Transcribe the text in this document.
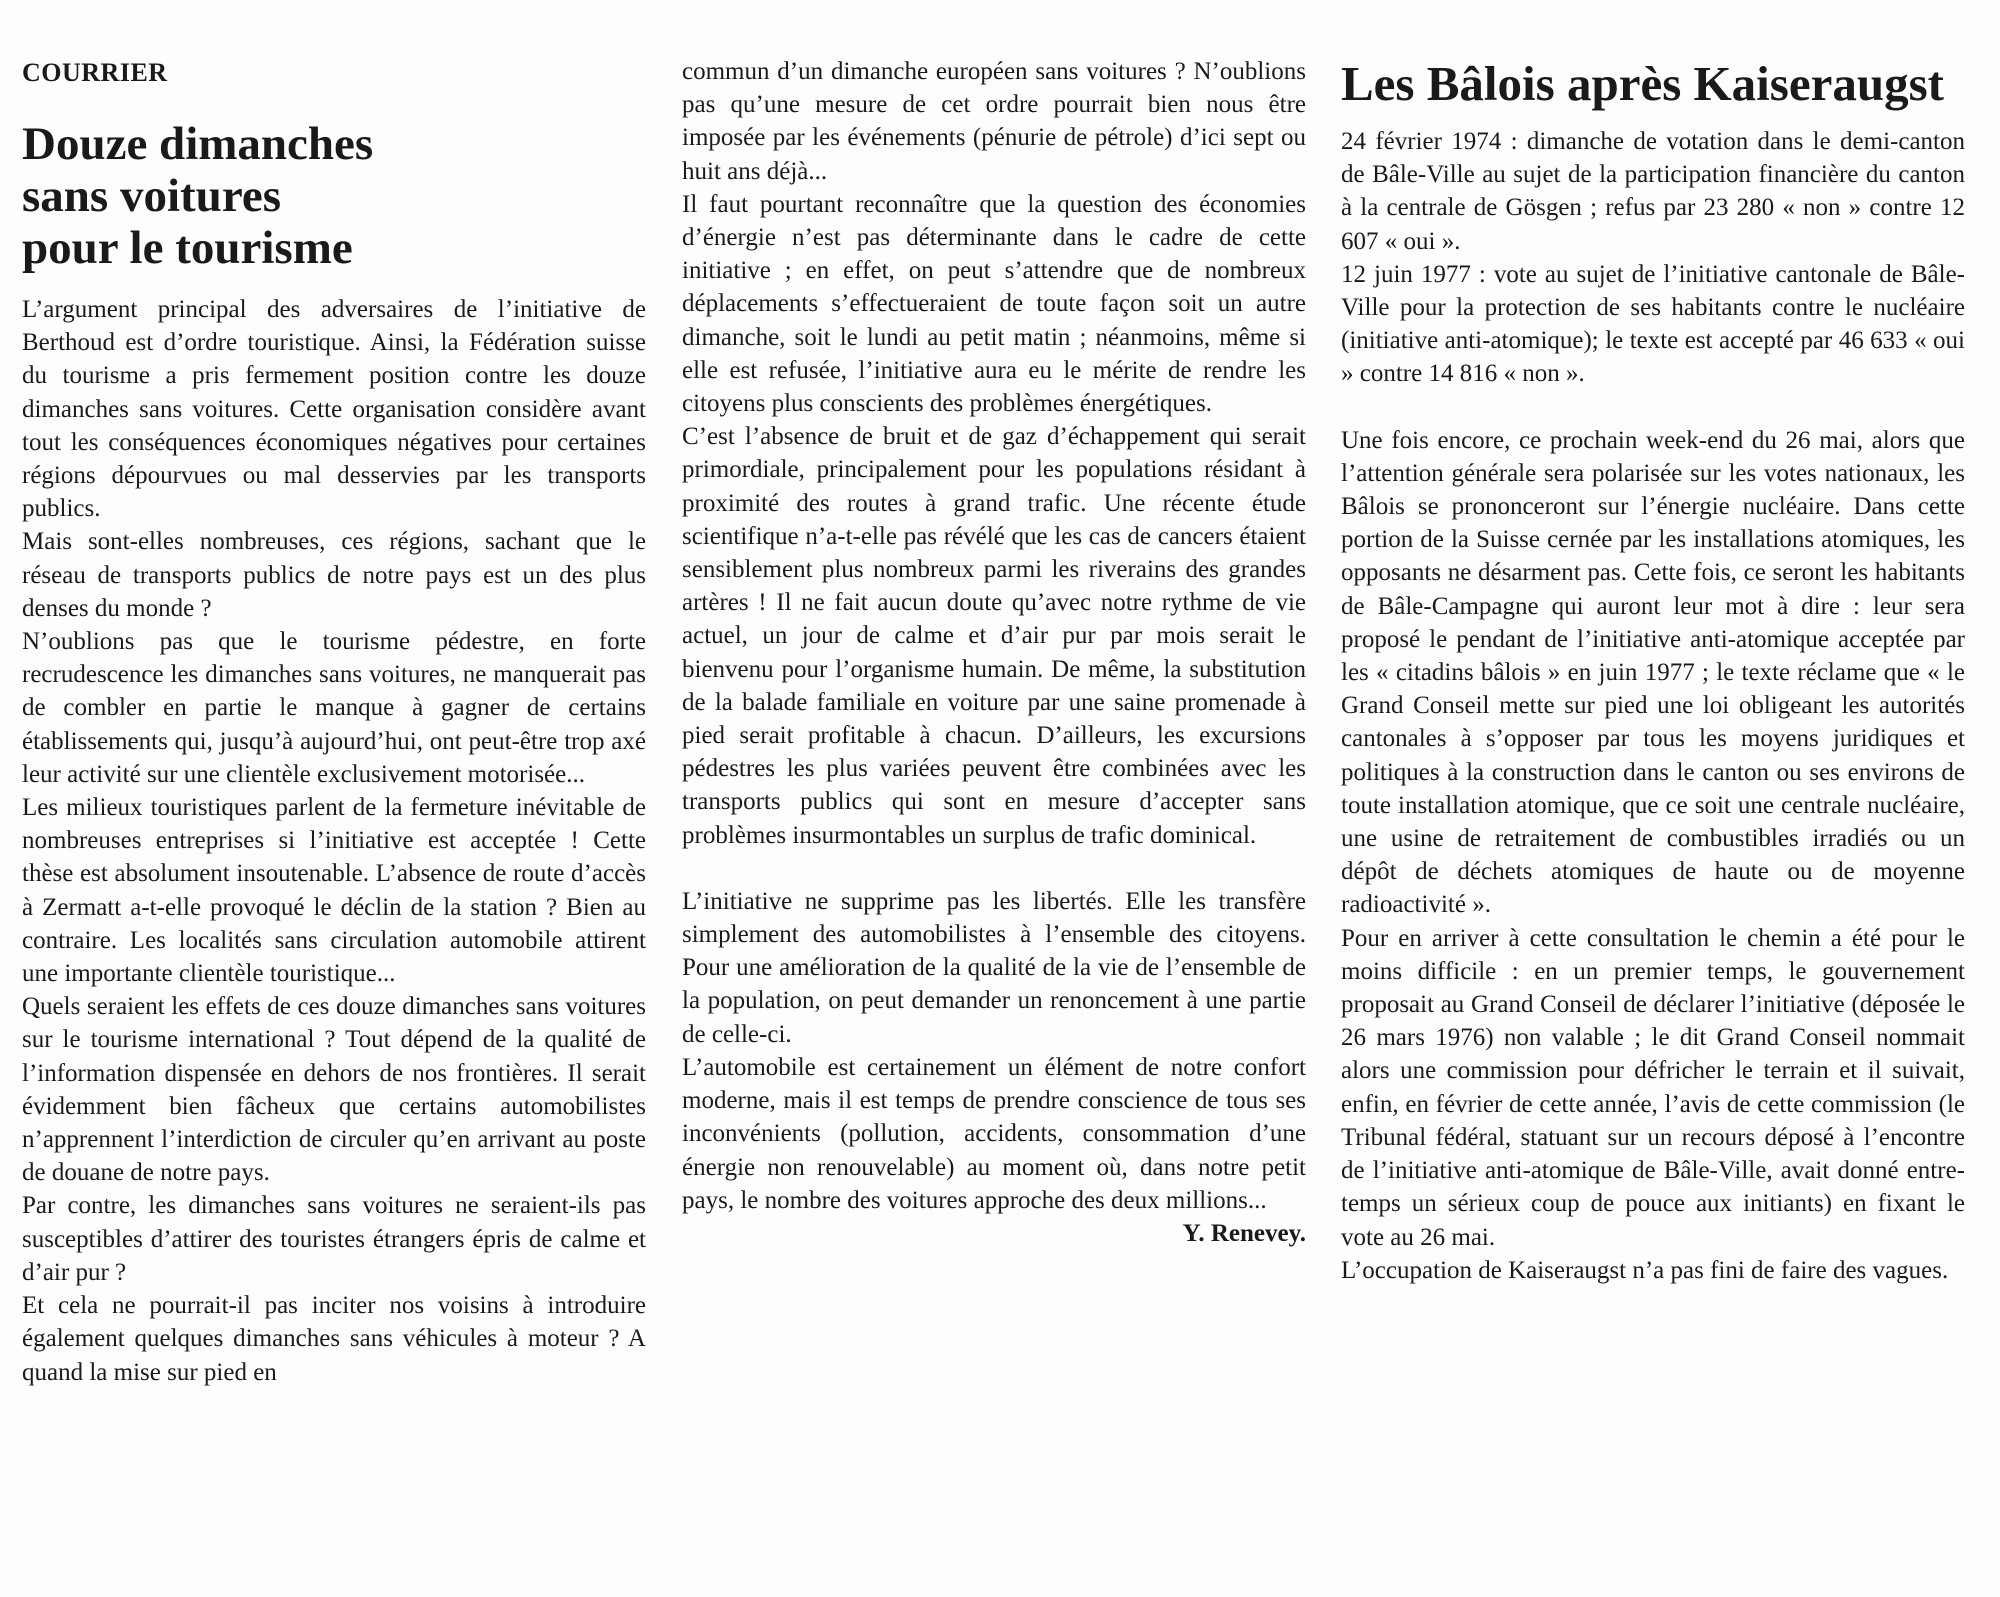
COURRIER
Douze dimanches
sans voitures
pour le tourisme

L’argument principal des adversaires de l’initiative de Berthoud est d’ordre touristique. Ainsi, la Fédération suisse du tourisme a pris fermement position contre les douze dimanches sans voitures. Cette organisation considère avant tout les conséquences économiques négatives pour certaines régions dépourvues ou mal desservies par les transports publics.

Mais sont-elles nombreuses, ces régions, sachant que le réseau de transports publics de notre pays est un des plus denses du monde ?

N’oublions pas que le tourisme pédestre, en forte recrudescence les dimanches sans voitures, ne manquerait pas de combler en partie le manque à gagner de certains établissements qui, jusqu’à aujourd’hui, ont peut-être trop axé leur activité sur une clientèle exclusivement motorisée...

Les milieux touristiques parlent de la fermeture inévitable de nombreuses entreprises si l’initiative est acceptée ! Cette thèse est absolument insoutenable. L’absence de route d’accès à Zermatt a-t-elle provoqué le déclin de la station ? Bien au contraire. Les localités sans circulation automobile attirent une importante clientèle touristique...

Quels seraient les effets de ces douze dimanches sans voitures sur le tourisme international ? Tout dépend de la qualité de l’information dispensée en dehors de nos frontières. Il serait évidemment bien fâcheux que certains automobilistes n’apprennent l’interdiction de circuler qu’en arrivant au poste de douane de notre pays.

Par contre, les dimanches sans voitures ne seraient-ils pas susceptibles d’attirer des touristes étrangers épris de calme et d’air pur ?

Et cela ne pourrait-il pas inciter nos voisins à introduire également quelques dimanches sans véhicules à moteur ? A quand la mise sur pied en

commun d’un dimanche européen sans voitures ? N’oublions pas qu’une mesure de cet ordre pourrait bien nous être imposée par les événements (pénurie de pétrole) d’ici sept ou huit ans déjà...

Il faut pourtant reconnaître que la question des économies d’énergie n’est pas déterminante dans le cadre de cette initiative ; en effet, on peut s’attendre que de nombreux déplacements s’effectueraient de toute façon soit un autre dimanche, soit le lundi au petit matin ; néanmoins, même si elle est refusée, l’initiative aura eu le mérite de rendre les citoyens plus conscients des problèmes énergétiques.

C’est l’absence de bruit et de gaz d’échappement qui serait primordiale, principalement pour les populations résidant à proximité des routes à grand trafic. Une récente étude scientifique n’a-t-elle pas révélé que les cas de cancers étaient sensiblement plus nombreux parmi les riverains des grandes artères ! Il ne fait aucun doute qu’avec notre rythme de vie actuel, un jour de calme et d’air pur par mois serait le bienvenu pour l’organisme humain. De même, la substitution de la balade familiale en voiture par une saine promenade à pied serait profitable à chacun. D’ailleurs, les excursions pédestres les plus variées peuvent être combinées avec les transports publics qui sont en mesure d’accepter sans problèmes insurmontables un surplus de trafic dominical.

L’initiative ne supprime pas les libertés. Elle les transfère simplement des automobilistes à l’ensemble des citoyens. Pour une amélioration de la qualité de la vie de l’ensemble de la population, on peut demander un renoncement à une partie de celle-ci.

L’automobile est certainement un élément de notre confort moderne, mais il est temps de prendre conscience de tous ses inconvénients (pollution, accidents, consommation d’une énergie non renouvelable) au moment où, dans notre petit pays, le nombre des voitures approche des deux millions...

Y. Renevey.

Les Bâlois après Kaiseraugst

24 février 1974 : dimanche de votation dans le demi-canton de Bâle-Ville au sujet de la participation financière du canton à la centrale de Gösgen ; refus par 23 280 « non » contre 12 607 « oui ».

12 juin 1977 : vote au sujet de l’initiative cantonale de Bâle-Ville pour la protection de ses habitants contre le nucléaire (initiative anti-atomique); le texte est accepté par 46 633 « oui » contre 14 816 « non ».

Une fois encore, ce prochain week-end du 26 mai, alors que l’attention générale sera polarisée sur les votes nationaux, les Bâlois se prononceront sur l’énergie nucléaire. Dans cette portion de la Suisse cernée par les installations atomiques, les opposants ne désarment pas. Cette fois, ce seront les habitants de Bâle-Campagne qui auront leur mot à dire : leur sera proposé le pendant de l’initiative anti-atomique acceptée par les « citadins bâlois » en juin 1977 ; le texte réclame que « le Grand Conseil mette sur pied une loi obligeant les autorités cantonales à s’opposer par tous les moyens juridiques et politiques à la construction dans le canton ou ses environs de toute installation atomique, que ce soit une centrale nucléaire, une usine de retraitement de combustibles irradiés ou un dépôt de déchets atomiques de haute ou de moyenne radioactivité ».

Pour en arriver à cette consultation le chemin a été pour le moins difficile : en un premier temps, le gouvernement proposait au Grand Conseil de déclarer l’initiative (déposée le 26 mars 1976) non valable ; le dit Grand Conseil nommait alors une commission pour défricher le terrain et il suivait, enfin, en février de cette année, l’avis de cette commission (le Tribunal fédéral, statuant sur un recours déposé à l’encontre de l’initiative anti-atomique de Bâle-Ville, avait donné entre-temps un sérieux coup de pouce aux initiants) en fixant le vote au 26 mai.

L’occupation de Kaiseraugst n’a pas fini de faire des vagues.
